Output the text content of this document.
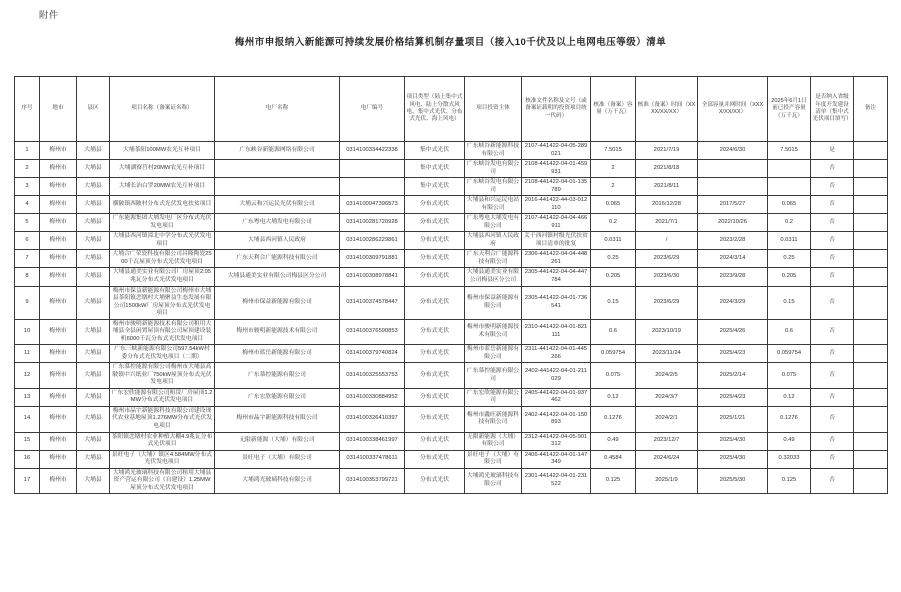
附件
梅州市申报纳入新能源可持续发展价格结算机制存量项目（接入10千伏及以上电网电压等级）清单
序号	地市	县区	项目名称（备案证名称）	电厂名称	电厂编号	项目类型（陆上集中式风电、陆上分散式风电、集中式光伏、分布式光伏、海上风电）	项目投资主体	核准文件名称及文号（或备案证载明的投资项目统一代码）	核准（备案）容量（万千瓦）	核准（备案）时间（XXXX/XX/XX）	全部容量并网时间（XXXX/XX/XX）	2025年6月1日前已投产容量（万千瓦）	是否纳入省级年度开发建设清单（集中式光伏项目填写）	备注
1	梅州市	大埔县	大埔茶阳100MW农光互补项目	广东峡谷新能源网络有限公司	0314100334422338	集中式光伏	广东峡谷新能源科技有限公司	2107-441422-04-05-289021	7.5015	2021/7/19	2024/6/30	7.5015	是	
2	梅州市	大埔县	大埔湖寮莒村20MW农光互补项目			集中式光伏	广东峡谷发电有限公司	2108-441422-04-01-459931	2	2021/8/18			否	
3	梅州市	大埔县	大埔长治白罗20MW农光互补项目			集中式光伏	广东峡谷发电有限公司	2108-441422-04-01-135789	2	2021/8/11			否	
4	梅州市	大埔县	横陂镇西陂村分布式光伏发电扶贫项目	大埔云和兴运民光伏有限公司	0314100047396573	分布式光伏	大埔县和兴运民电站有限公司	2016-441422-44-03-012110	0.065	2016/12/28	2017/5/27	0.065	否	
5	梅州市	大埔县	广东能源集团大埔发电厂区分布式光伏发电项目	广东粤电大埔发电有限公司	0314100281720928	分布式光伏	广东粤电大埔发电有限公司	2107-441422-04-04-466911	0.2	2021/7/1	2022/10/26	0.2	否	
6	梅州市	大埔县	大埔县西河镇漳北中学分布式光伏发电项目	大埔县西河镇人民政府	0314100286229861	分布式光伏	大埔县西河镇人民政府	关于西河镇村级光伏扶贫项目清单的批复	0.0311	/	2023/2/28	0.0311	否	
7	梅州市	大埔县	大埔合广荣瓷科技有限公司昌隆陶瓷2500千瓦屋顶分布式光伏发电项目	广东天利合广能源科技有限公司	0314100309791881	分布式光伏	广东天利合广能源科技有限公司	2306-441422-04-04-448261	0.25	2023/6/29	2024/3/14	0.25	否	
8	梅州市	大埔县	大埔县通美实业有限公司厂房屋顶2.05兆瓦分布式光伏发电项目	大埔县通美实业有限公司梅县区分公司	0314100308978841	分布式光伏	大埔县通美实业有限公司梅县区分公司	2305-441422-04-04-447784	0.205	2023/6/30	2023/9/28	0.205	否	
9	梅州市	大埔县	梅州市保益新能源有限公司梅州市大埔县茶阳镇恋墩村大埔聚益生态发展有限公司1500kW厂房屋顶分布式光伏发电项目	梅州市保益新能源有限公司	0314100374578447	分布式光伏	梅州市保益新能源有限公司	2305-441422-04-01-736541	0.15	2023/6/29	2024/3/29	0.15	否	
10	梅州市	大埔县	梅州市骏明新能源技术有限公司租用大埔县全县闲置屋顶有限公司屋顶建设装机6000千瓦分布式光伏发电项目	梅州市骏明新能源技术有限公司	0314100376590853	分布式光伏	梅州市骏明新能源技术有限公司	2310-441422-04-01-821111	0.6	2023/10/19	2025/4/26	0.6	否	
11	梅州市	大埔县	广东三峡新能源有限公司597.54kW村委分布式光伏发电项目（二期）	梅州市蓝岳新能源有限公司	0314100379740824	分布式光伏	梅州市蓝岳新能源有限公司	2311-441422-04-01-445266	0.059754	2023/11/24	2025/4/23	0.059754	否	
12	梅州市	大埔县	广东慕控能源有限公司梅州市大埔县高陂镇中兴纸业厂750kW屋顶分布式光伏发电项目	广东慕控能源有限公司	0314100325553753	分布式光伏	广东慕控能源有限公司	2402-441422-04-01-211029	0.075	2024/2/5	2025/2/14	0.075	否	
13	梅州市	大埔县	广东宏欣能源有限公司租赁厂房屋顶1.2MW分布式光伏发电项目	广东宏欣能源有限公司	0314100330884952	分布式光伏	广东宏欣能源有限公司	2405-441422-04-01-937462	0.12	2024/3/7	2025/4/23	0.12	否	
14	梅州市	大埔县	梅州市晶宇新能源科技有限公司建设现代农业基地屋顶1.276MW分布式光伏发电项目	梅州市晶宇新能源科技有限公司	0314100326410397	分布式光伏	梅州市鑫旺新能源科技有限公司	2402-441422-04-01-150893	0.1276	2024/2/1	2025/1/21	0.1276	否	
15	梅州市	大埔县	茶阳镇恋墩村农业种植大棚4.9兆瓦分布式光伏项目	无限新能源（大埔）有限公司	0314100338461997	分布式光伏	无限新能源（大埔）有限公司	2312-441422-04-05-901312	0.49	2023/12/7	2025/4/30	0.49	否	
16	梅州市	大埔县	景旺电子（大埔）镇区4.584MW分布式光伏发电项目	景旺电子（大埔）有限公司	0314100337478611	分布式光伏	景旺电子（大埔）有限公司	2406-441422-04-01-147349	0.4584	2024/6/24	2025/4/30	0.32033	否	
17	梅州市	大埔县	大埔鸿光玻璃科技有限公司租用大埔县资产营运有限公司（自建设）1.25MW屋顶分布式光伏发电项目	大埔鸿光玻璃科技有限公司	0314100353799721	分布式光伏	大埔鸿光玻璃科技有限公司	2301-441422-04-01-231522	0.125	2025/1/9	2025/5/30	0.125	否	
